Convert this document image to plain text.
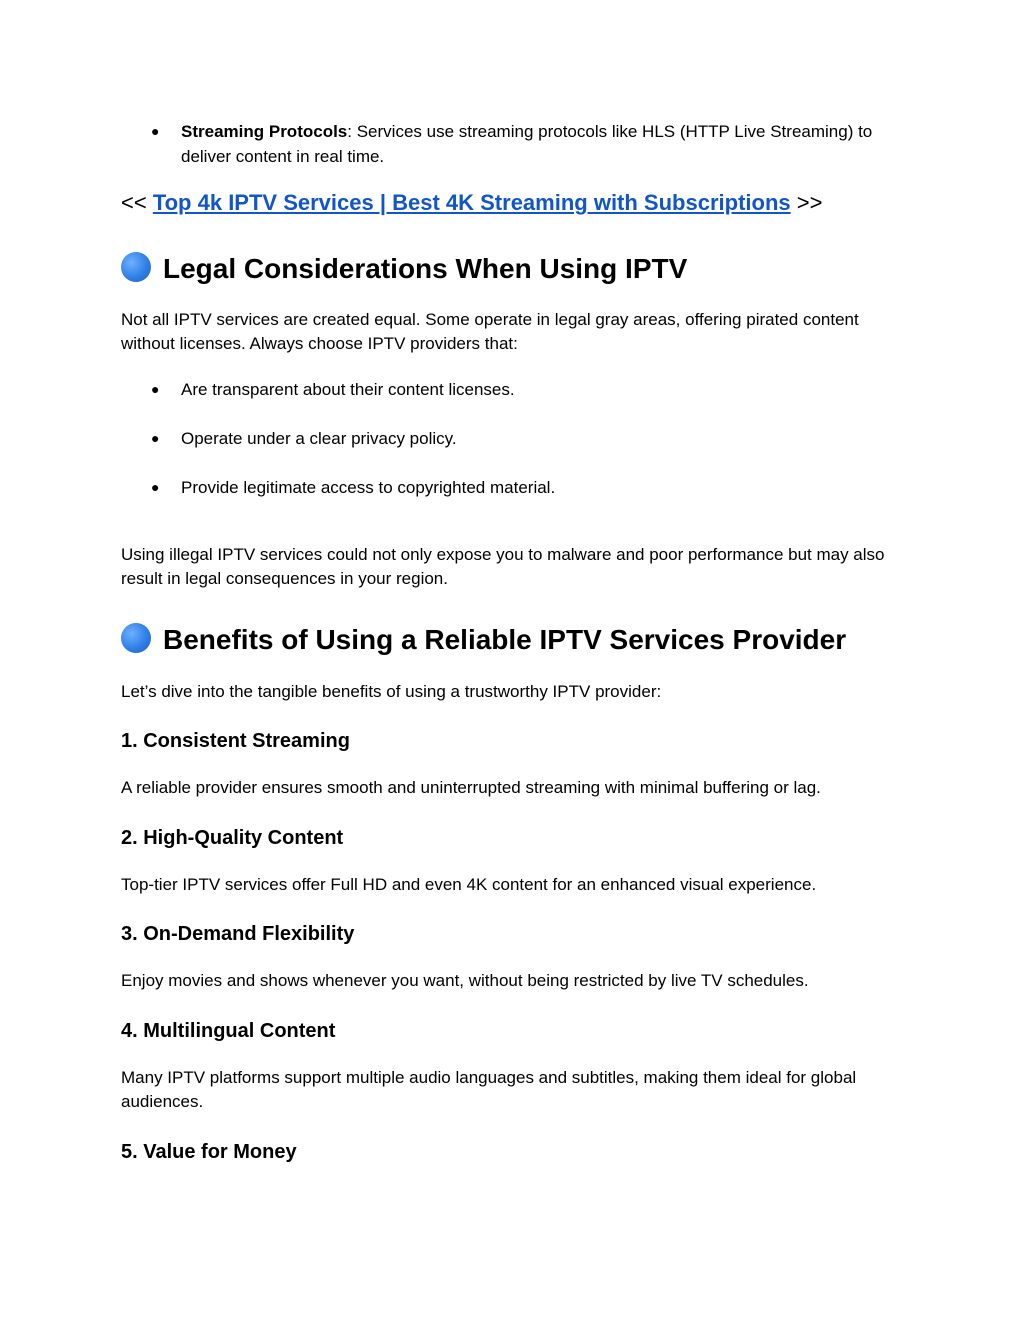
● Streaming Protocols: Services use streaming protocols like HLS (HTTP Live Streaming) to deliver content in real time.
<< Top 4k IPTV Services | Best 4K Streaming with Subscriptions >>
Legal Considerations When Using IPTV
Not all IPTV services are created equal. Some operate in legal gray areas, offering pirated content without licenses. Always choose IPTV providers that:
● Are transparent about their content licenses.
● Operate under a clear privacy policy.
● Provide legitimate access to copyrighted material.
Using illegal IPTV services could not only expose you to malware and poor performance but may also result in legal consequences in your region.
Benefits of Using a Reliable IPTV Services Provider
Let’s dive into the tangible benefits of using a trustworthy IPTV provider:
1. Consistent Streaming
A reliable provider ensures smooth and uninterrupted streaming with minimal buffering or lag.
2. High-Quality Content
Top-tier IPTV services offer Full HD and even 4K content for an enhanced visual experience.
3. On-Demand Flexibility
Enjoy movies and shows whenever you want, without being restricted by live TV schedules.
4. Multilingual Content
Many IPTV platforms support multiple audio languages and subtitles, making them ideal for global audiences.
5. Value for Money
